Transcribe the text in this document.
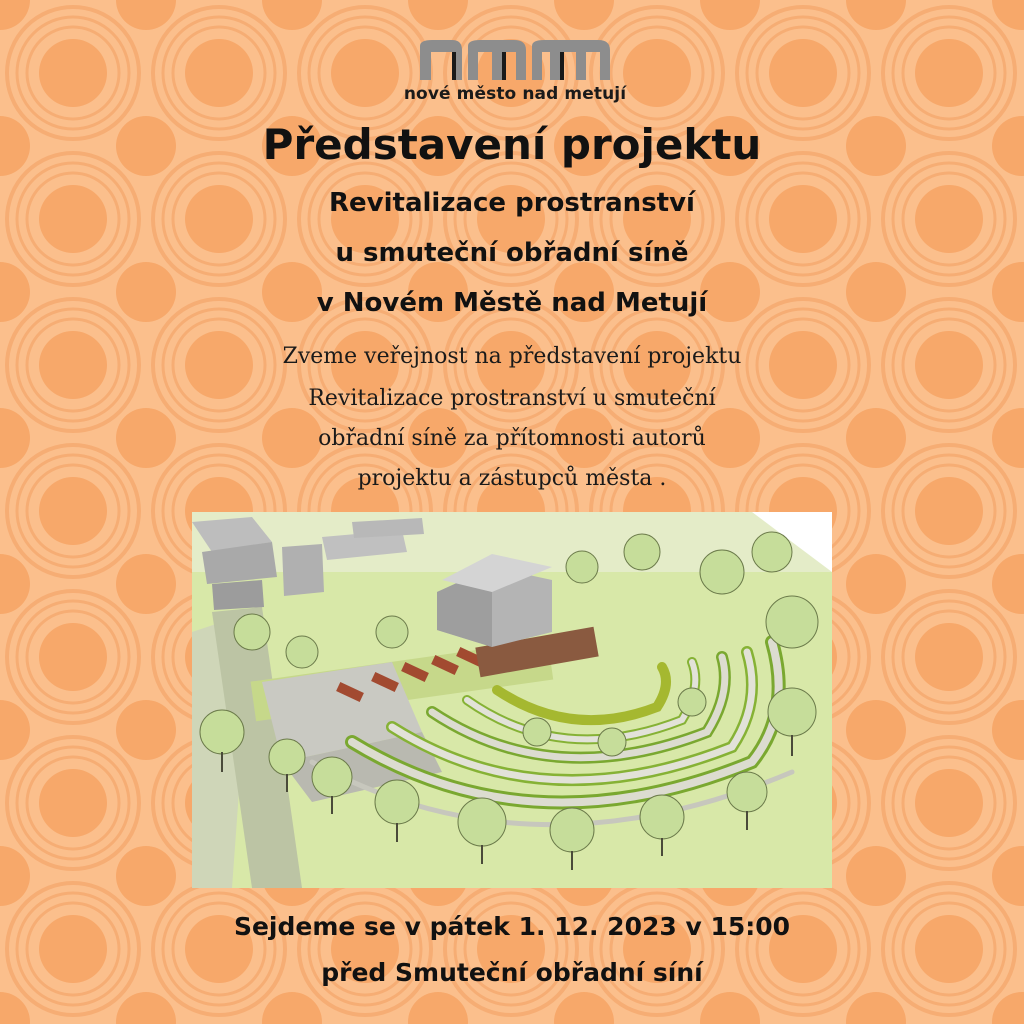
nové město nad metují
Představení projektu
Revitalizace prostranství
u smuteční obřadní síně
v Novém Městě nad Metují
Zveme veřejnost na představení projektu
Revitalizace prostranství u smuteční
obřadní síně za přítomnosti autorů
projektu a zástupců města .
Sejdeme se v pátek 1. 12. 2023 v 15:00
před Smuteční obřadní síní
